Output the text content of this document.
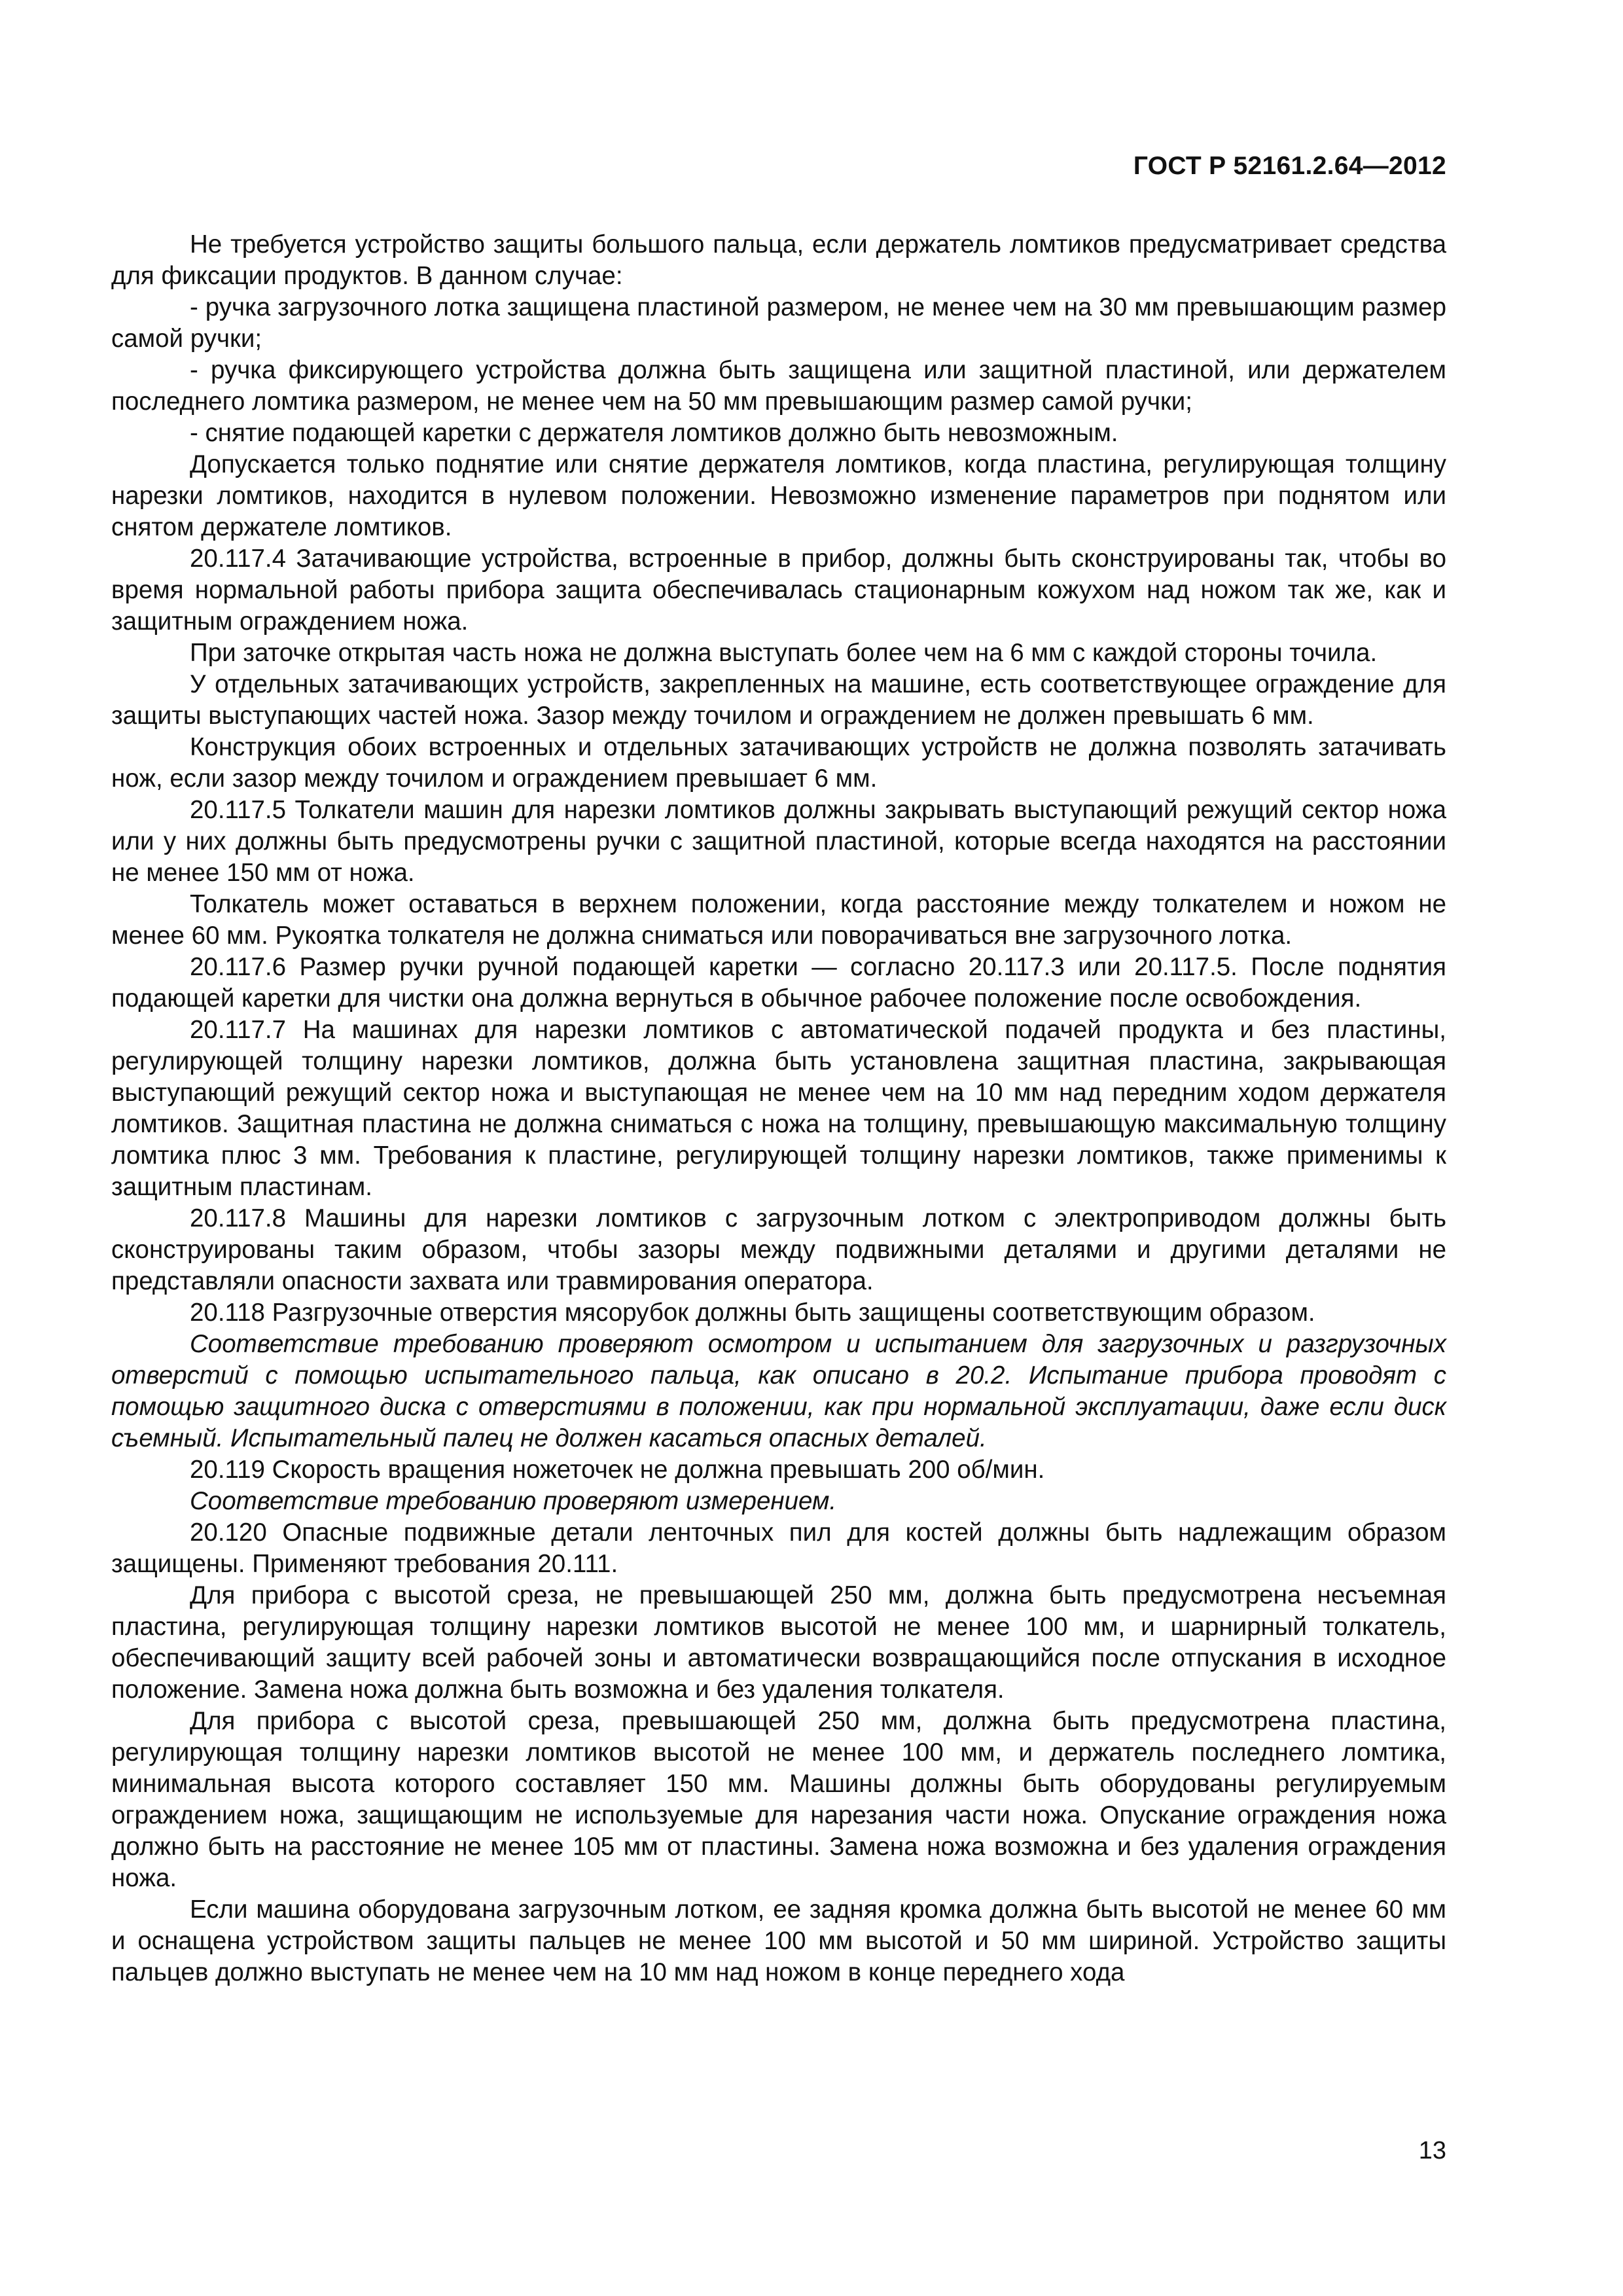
ГОСТ Р 52161.2.64—2012

Не требуется устройство защиты большого пальца, если держатель ломтиков предусматривает средства для фиксации продуктов. В данном случае:

- ручка загрузочного лотка защищена пластиной размером, не менее чем на 30 мм превышающим размер самой ручки;

- ручка фиксирующего устройства должна быть защищена или защитной пластиной, или держателем последнего ломтика размером, не менее чем на 50 мм превышающим размер самой ручки;

- снятие подающей каретки с держателя ломтиков должно быть невозможным.

Допускается только поднятие или снятие держателя ломтиков, когда пластина, регулирующая толщину нарезки ломтиков, находится в нулевом положении. Невозможно изменение параметров при поднятом или снятом держателе ломтиков.

20.117.4 Затачивающие устройства, встроенные в прибор, должны быть сконструированы так, чтобы во время нормальной работы прибора защита обеспечивалась стационарным кожухом над ножом так же, как и защитным ограждением ножа.

При заточке открытая часть ножа не должна выступать более чем на 6 мм с каждой стороны точила.

У отдельных затачивающих устройств, закрепленных на машине, есть соответствующее ограждение для защиты выступающих частей ножа. Зазор между точилом и ограждением не должен превышать 6 мм.

Конструкция обоих встроенных и отдельных затачивающих устройств не должна позволять затачивать нож, если зазор между точилом и ограждением превышает 6 мм.

20.117.5 Толкатели машин для нарезки ломтиков должны закрывать выступающий режущий сектор ножа или у них должны быть предусмотрены ручки с защитной пластиной, которые всегда находятся на расстоянии не менее 150 мм от ножа.

Толкатель может оставаться в верхнем положении, когда расстояние между толкателем и ножом не менее 60 мм. Рукоятка толкателя не должна сниматься или поворачиваться вне загрузочного лотка.

20.117.6 Размер ручки ручной подающей каретки — согласно 20.117.3 или 20.117.5. После поднятия подающей каретки для чистки она должна вернуться в обычное рабочее положение после освобождения.

20.117.7 На машинах для нарезки ломтиков с автоматической подачей продукта и без пластины, регулирующей толщину нарезки ломтиков, должна быть установлена защитная пластина, закрывающая выступающий режущий сектор ножа и выступающая не менее чем на 10 мм над передним ходом держателя ломтиков. Защитная пластина не должна сниматься с ножа на толщину, превышающую максимальную толщину ломтика плюс 3 мм. Требования к пластине, регулирующей толщину нарезки ломтиков, также применимы к защитным пластинам.

20.117.8 Машины для нарезки ломтиков с загрузочным лотком с электроприводом должны быть сконструированы таким образом, чтобы зазоры между подвижными деталями и другими деталями не представляли опасности захвата или травмирования оператора.

20.118 Разгрузочные отверстия мясорубок должны быть защищены соответствующим образом.

Соответствие требованию проверяют осмотром и испытанием для загрузочных и разгрузочных отверстий с помощью испытательного пальца, как описано в 20.2. Испытание прибора проводят с помощью защитного диска с отверстиями в положении, как при нормальной эксплуатации, даже если диск съемный. Испытательный палец не должен касаться опасных деталей.

20.119 Скорость вращения ножеточек не должна превышать 200 об/мин.

Соответствие требованию проверяют измерением.

20.120 Опасные подвижные детали ленточных пил для костей должны быть надлежащим образом защищены. Применяют требования 20.111.

Для прибора с высотой среза, не превышающей 250 мм, должна быть предусмотрена несъемная пластина, регулирующая толщину нарезки ломтиков высотой не менее 100 мм, и шарнирный толкатель, обеспечивающий защиту всей рабочей зоны и автоматически возвращающийся после отпускания в исходное положение. Замена ножа должна быть возможна и без удаления толкателя.

Для прибора с высотой среза, превышающей 250 мм, должна быть предусмотрена пластина, регулирующая толщину нарезки ломтиков высотой не менее 100 мм, и держатель последнего ломтика, минимальная высота которого составляет 150 мм. Машины должны быть оборудованы регулируемым ограждением ножа, защищающим не используемые для нарезания части ножа. Опускание ограждения ножа должно быть на расстояние не менее 105 мм от пластины. Замена ножа возможна и без удаления ограждения ножа.

Если машина оборудована загрузочным лотком, ее задняя кромка должна быть высотой не менее 60 мм и оснащена устройством защиты пальцев не менее 100 мм высотой и 50 мм шириной. Устройство защиты пальцев должно выступать не менее чем на 10 мм над ножом в конце переднего хода

13
